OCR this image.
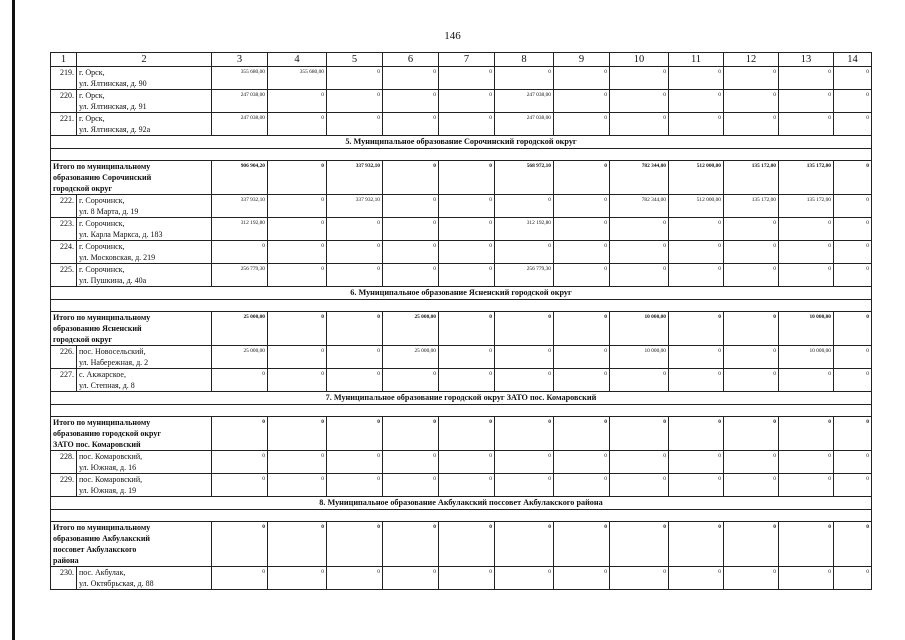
146
1	2	3	4	5	6	7	8	9	10	11	12	13	14
219.	г. Орск,
ул. Ялтинская, д. 90	355 680,00	355 680,00	0	0	0	0	0	0	0	0	0	0
220.	г. Орск,
ул. Ялтинская, д. 91	247 038,00	0	0	0	0	247 038,00	0	0	0	0	0	0
221.	г. Орск,
ул. Ялтинская, д. 92а	247 038,00	0	0	0	0	247 038,00	0	0	0	0	0	0
5. Муниципальное образование Сорочинский городской округ													

Итого по муниципальному
образованию Сорочинский
городской округ		906 904,20	0	337 932,10	0	0	568 972,10	0	782 344,00	512 000,00	135 172,00	135 172,00	0
222.	г. Сорочинск,
ул. 8 Марта, д. 19	337 932,10	0	337 932,10	0	0	0	0	782 344,00	512 000,00	135 172,00	135 172,00	0
223.	г. Сорочинск,
ул. Карла Маркса, д. 183	312 192,80	0	0	0	0	312 192,80	0	0	0	0	0	0
224.	г. Сорочинск,
ул. Московская, д. 219	0	0	0	0	0	0	0	0	0	0	0	0
225.	г. Сорочинск,
ул. Пушкина, д. 40а	256 779,30	0	0	0	0	256 779,30	0	0	0	0	0	0
6. Муниципальное образование Ясненский городской округ													

Итого по муниципальному
образованию Ясненский
городской округ		25 000,00	0	0	25 000,00	0	0	0	10 000,00	0	0	10 000,00	0
226.	пос. Новосельский,
ул. Набережная, д. 2	25 000,00	0	0	25 000,00	0	0	0	10 000,00	0	0	10 000,00	0
227.	с. Акжарское,
ул. Степная, д. 8	0	0	0	0	0	0	0	0	0	0	0	0
7. Муниципальное образование городской округ ЗАТО пос. Комаровский													

Итого по муниципальному
образованию городской округ
ЗАТО пос. Комаровский		0	0	0	0	0	0	0	0	0	0	0	0
228.	пос. Комаровский,
ул. Южная, д. 16	0	0	0	0	0	0	0	0	0	0	0	0
229.	пос. Комаровский,
ул. Южная, д. 19	0	0	0	0	0	0	0	0	0	0	0	0
8. Муниципальное образование Акбулакский поссовет Акбулакского района													

Итого по муниципальному
образованию Акбулакский
поссовет Акбулакского
района		0	0	0	0	0	0	0	0	0	0	0	0
230.	пос. Акбулак,
ул. Октябрьская, д. 88	0	0	0	0	0	0	0	0	0	0	0	0
